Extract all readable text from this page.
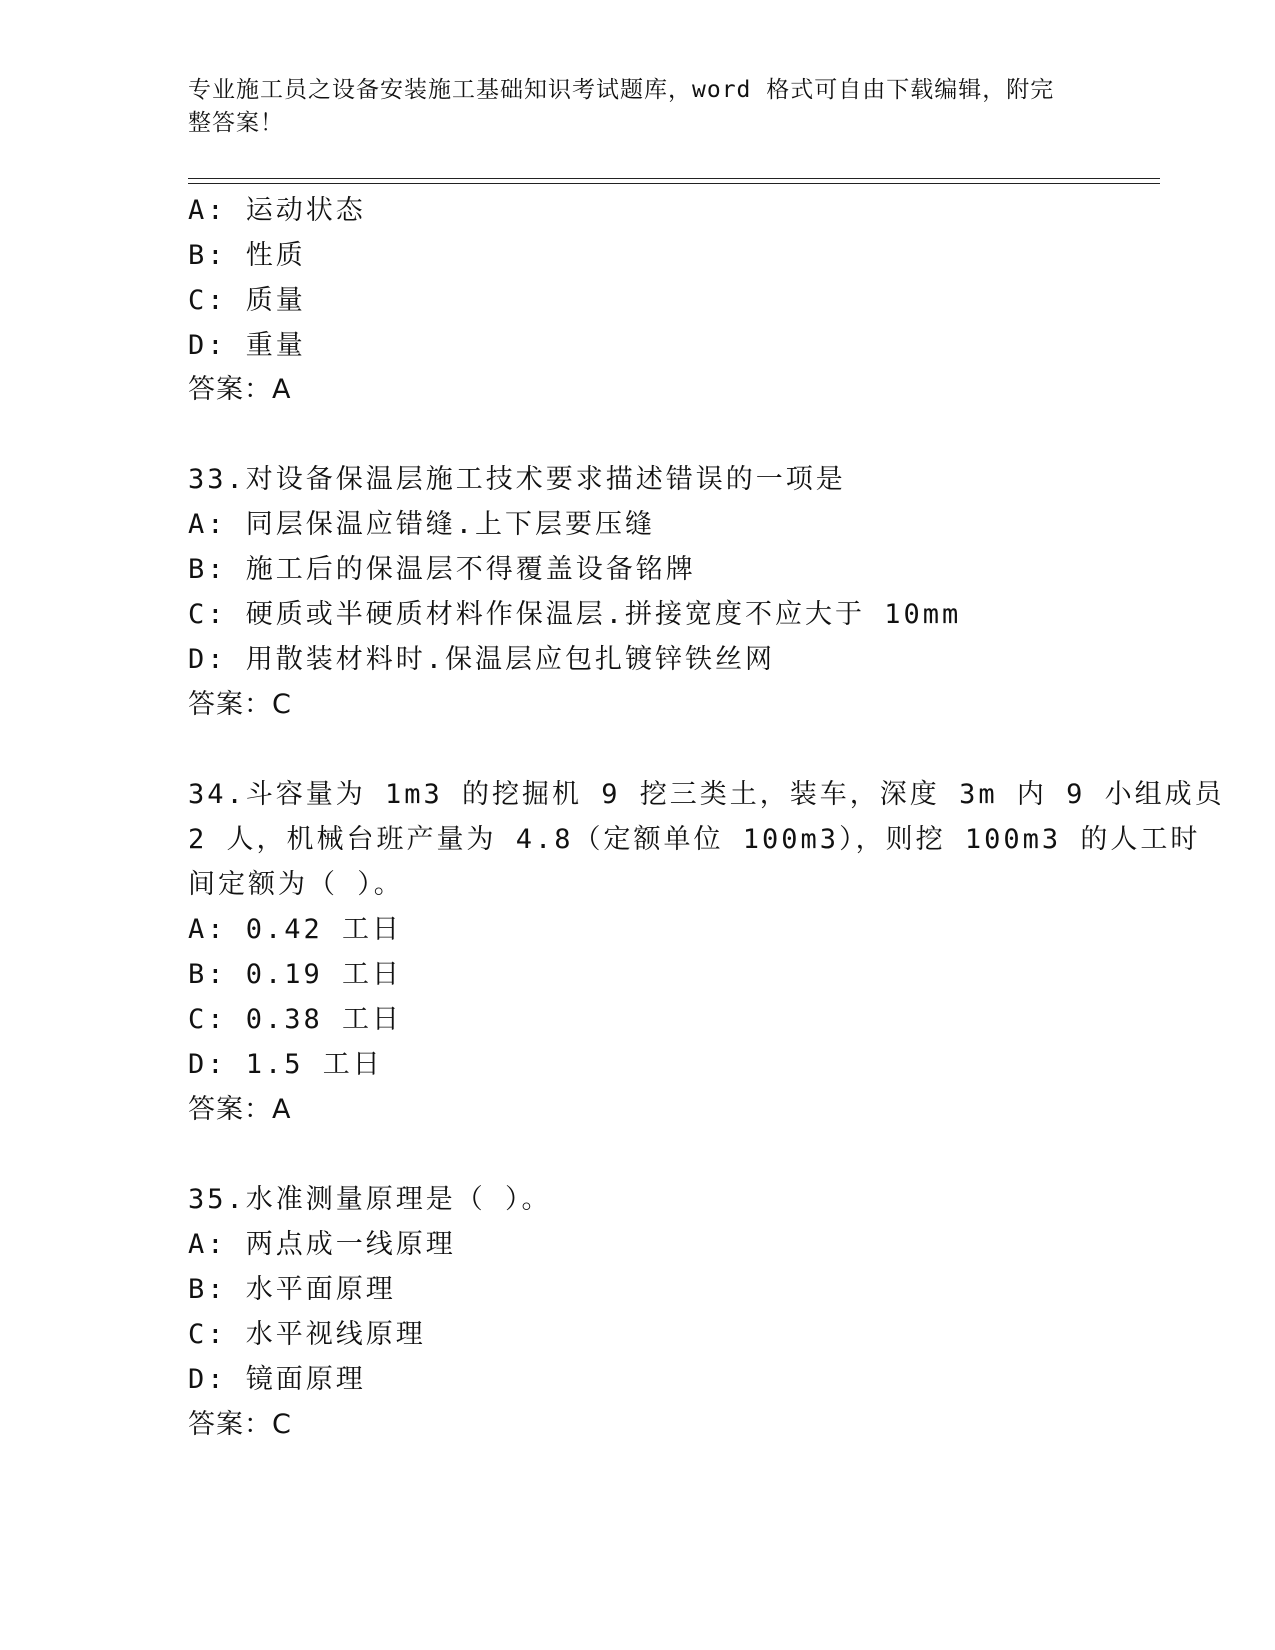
专业施工员之设备安装施工基础知识考试题库，word 格式可自由下载编辑，附完整答案！
A: 运动状态
B: 性质
C: 质量
D: 重量
答案：A
33.对设备保温层施工技术要求描述错误的一项是
A: 同层保温应错缝.上下层要压缝
B: 施工后的保温层不得覆盖设备铭牌
C: 硬质或半硬质材料作保温层.拼接宽度不应大于 10mm
D: 用散装材料时.保温层应包扎镀锌铁丝网
答案：C
34.斗容量为 1m3 的挖掘机 9 挖三类土，装车，深度 3m 内 9 小组成员
2 人，机械台班产量为 4.8（定额单位 100m3），则挖 100m3 的人工时
间定额为（ ）。
A: 0.42 工日
B: 0.19 工日
C: 0.38 工日
D: 1.5 工日
答案：A
35.水准测量原理是（ ）。
A: 两点成一线原理
B: 水平面原理
C: 水平视线原理
D: 镜面原理
答案：C
